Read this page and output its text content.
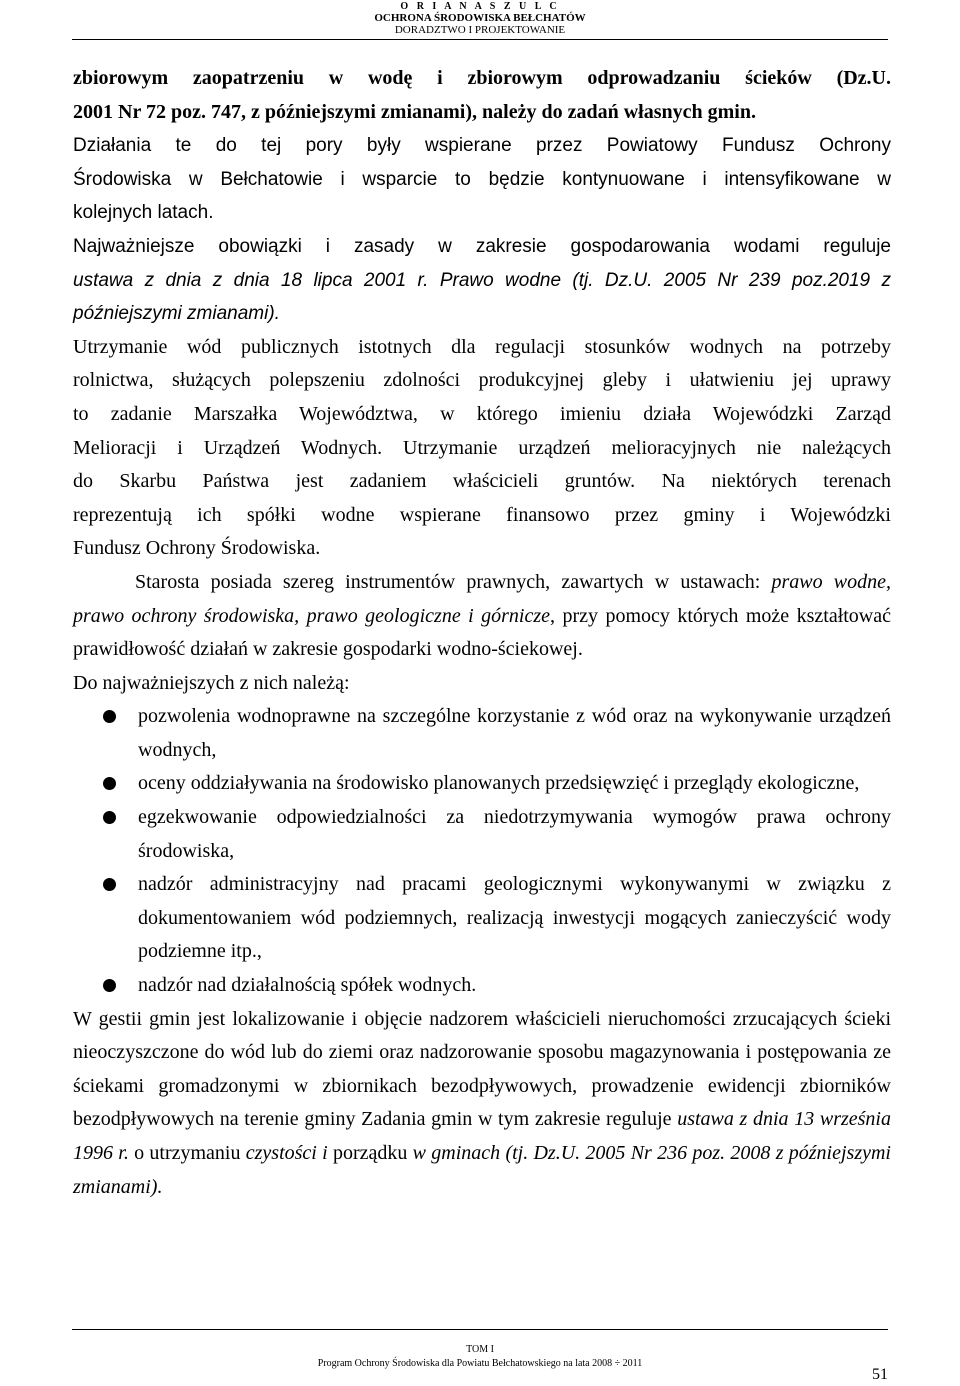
O R I A N A S Z U L C
OCHRONA ŚRODOWISKA BEŁCHATÓW
DORADZTWO I PROJEKTOWANIE

zbiorowym zaopatrzeniu w wodę i zbiorowym odprowadzaniu ścieków (Dz.U.

2001 Nr 72 poz. 747, z późniejszymi zmianami), należy do zadań własnych gmin.

Działania te do tej pory były wspierane przez Powiatowy Fundusz Ochrony

Środowiska w Bełchatowie i wsparcie to będzie kontynuowane i intensyfikowane w

kolejnych latach.

Najważniejsze obowiązki i zasady w zakresie gospodarowania wodami reguluje

ustawa z dnia z dnia 18 lipca 2001 r. Prawo wodne (tj. Dz.U. 2005 Nr 239 poz.2019 z

późniejszymi zmianami).

Utrzymanie wód publicznych istotnych dla regulacji stosunków wodnych na potrzeby

rolnictwa, służących polepszeniu zdolności produkcyjnej gleby i ułatwieniu jej uprawy

to zadanie Marszałka Województwa, w którego imieniu działa Wojewódzki Zarząd

Melioracji i Urządzeń Wodnych. Utrzymanie urządzeń melioracyjnych nie należących

do Skarbu Państwa jest zadaniem właścicieli gruntów. Na niektórych terenach

reprezentują ich spółki wodne wspierane finansowo przez gminy i Wojewódzki

Fundusz Ochrony Środowiska.

Starosta posiada szereg instrumentów prawnych, zawartych w ustawach: prawo wodne, prawo ochrony środowiska, prawo geologiczne i górnicze, przy pomocy których może kształtować prawidłowość działań w zakresie gospodarki wodno-ściekowej.

Do najważniejszych z nich należą:

pozwolenia wodnoprawne na szczególne korzystanie z wód oraz na wykonywanie urządzeń wodnych,
oceny oddziaływania na środowisko planowanych przedsięwzięć i przeglądy ekologiczne,
egzekwowanie odpowiedzialności za niedotrzymywania wymogów prawa ochrony środowiska,
nadzór administracyjny nad pracami geologicznymi wykonywanymi w związku z dokumentowaniem wód podziemnych, realizacją inwestycji mogących zanieczyścić wody podziemne itp.,
nadzór nad działalnością spółek wodnych.

W gestii gmin jest lokalizowanie i objęcie nadzorem właścicieli nieruchomości zrzucających ścieki nieoczyszczone do wód lub do ziemi oraz nadzorowanie sposobu magazynowania i postępowania ze ściekami gromadzonymi w zbiornikach bezodpływowych, prowadzenie ewidencji zbiorników bezodpływowych na terenie gminy Zadania gmin w tym zakresie reguluje ustawa z dnia 13 września 1996 r. o utrzymaniu czystości i porządku w gminach (tj. Dz.U. 2005 Nr 236 poz. 2008 z późniejszymi zmianami).

TOM I
Program Ochrony Środowiska dla Powiatu Bełchatowskiego na lata 2008 ÷ 2011
51
